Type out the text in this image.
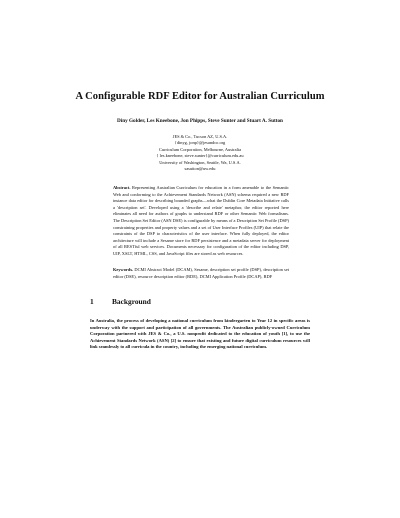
A Configurable RDF Editor for Australian Curriculum
Diny Golder, Les Kneebone, Jon Phipps, Steve Sunter and Stuart A. Sutton
JES & Co., Tucson AZ, U.S.A.
{dinyg, jonp}@jesandco.org
Curriculum Corporation, Melbourne, Australia
{ les.kneebone, steve.sunter}@curriculum.edu.au
University of Washington, Seattle, Wa, U.S.A.
sasutton@uw.edu
Abstract. Representing Australian Curriculum for education in a form amenable to the Semantic Web and conforming to the Achievement Standards Network (ASN) schema required a new RDF instance data editor for describing bounded graphs—what the Dublin Core Metadata Initiative calls a 'description set'. Developed using a 'describe and relate' metaphor, the editor reported here eliminates all need for authors of graphs to understand RDF or other Semantic Web formalisms. The Description Set Editor (ASN DSE) is configurable by means of a Description Set Profile (DSP) constraining properties and property values and a set of User Interface Profiles (UIP) that relate the constraints of the DSP to characteristics of the user interface. When fully deployed, the editor architecture will include a Sesame store for RDF persistence and a metadata server for deployment of all RESTful web services. Documents necessary for configuration of the editor including DSP, UIP, XSLT, HTML, CSS, and JavaScript files are stored as web resources.
Keywords. DCMI Abstract Model (DCAM), Sesame, description set profile (DSP), description set editor (DSE), resource description editor (RDE), DCMI Application Profile (DCAP), RDF
1 Background
In Australia, the process of developing a national curriculum from kindergarten to Year 12 in specific areas is underway with the support and participation of all governments. The Australian publicly-owned Curriculum Corporation partnered with JES & Co., a U.S. nonprofit dedicated to the education of youth [1], to use the Achievement Standards Network (ASN) [2] to ensure that existing and future digital curriculum resources will link seamlessly to all curricula in the country, including the emerging national curriculum.
